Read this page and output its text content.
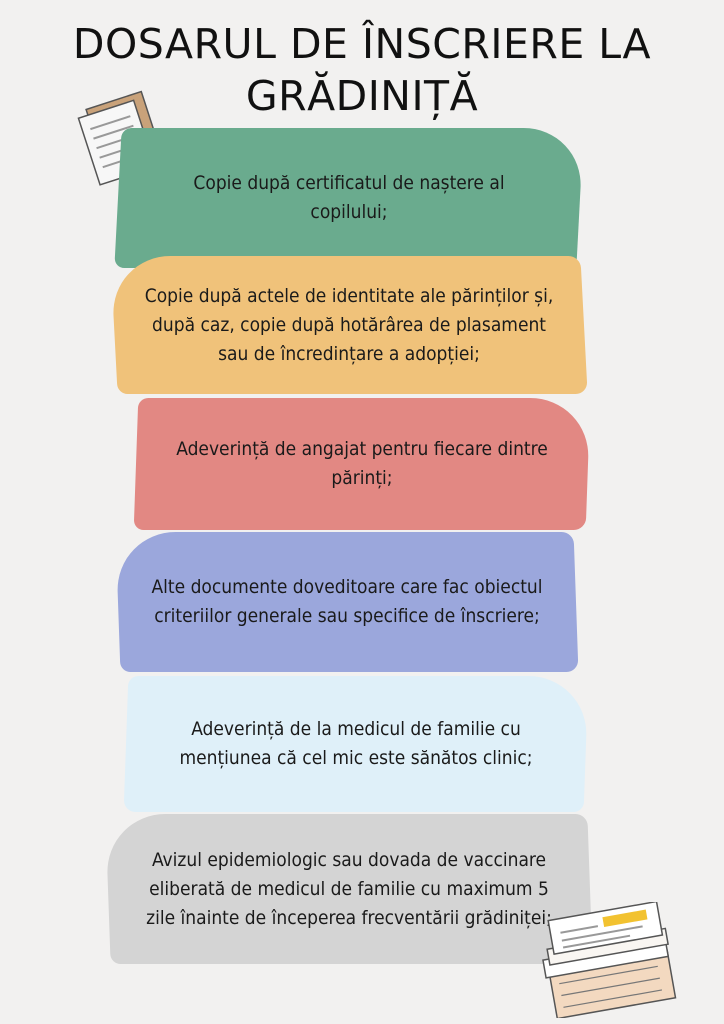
DOSARUL DE ÎNSCRIERE LA GRĂDINIȚĂ
Copie după certificatul de naștere al copilului;
Copie după actele de identitate ale părinților și, după caz, copie după hotărârea de plasament sau de încredințare a adopției;
Adeverință de angajat pentru fiecare dintre părinți;
Alte documente doveditoare care fac obiectul criteriilor generale sau specifice de înscriere;
Adeverință de la medicul de familie cu mențiunea că cel mic este sănătos clinic;
Avizul epidemiologic sau dovada de vaccinare eliberată de medicul de familie cu maximum 5 zile înainte de începerea frecventării grădiniței;
